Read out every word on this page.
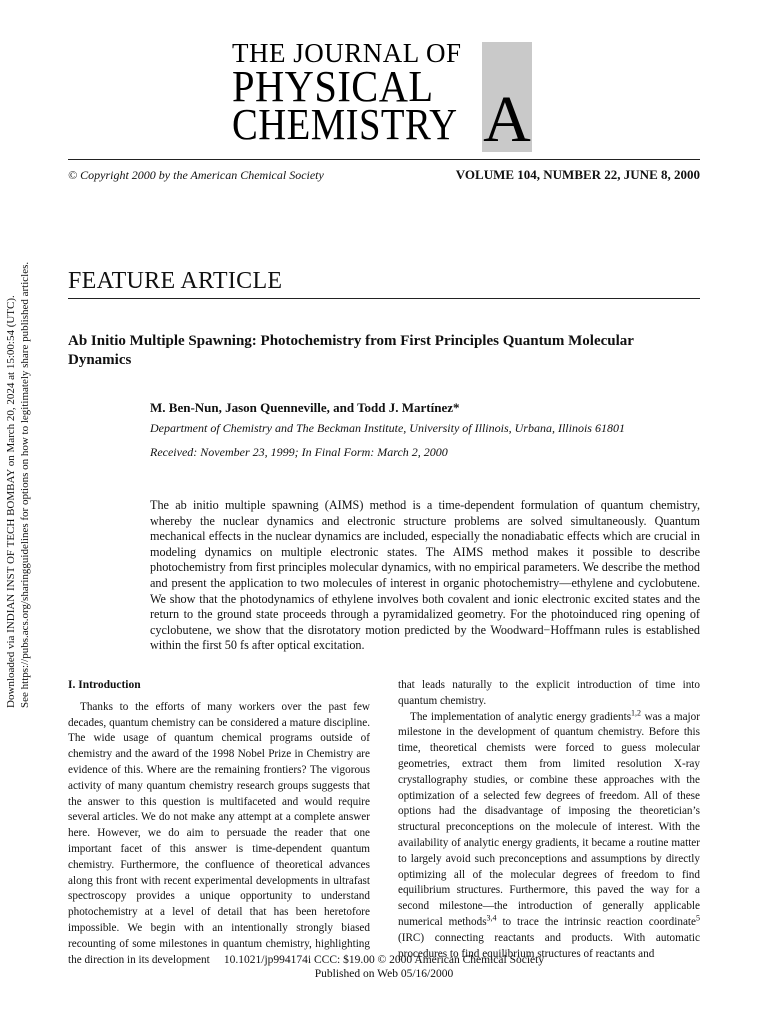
Downloaded via INDIAN INST OF TECH BOMBAY on March 20, 2024 at 15:00:54 (UTC). See https://pubs.acs.org/sharingguidelines for options on how to legitimately share published articles.
THE JOURNAL OF
PHYSICAL
CHEMISTRY A
© Copyright 2000 by the American Chemical Society	VOLUME 104, NUMBER 22, JUNE 8, 2000
FEATURE ARTICLE
Ab Initio Multiple Spawning: Photochemistry from First Principles Quantum Molecular Dynamics
M. Ben-Nun, Jason Quenneville, and Todd J. Martínez*
Department of Chemistry and The Beckman Institute, University of Illinois, Urbana, Illinois 61801
Received: November 23, 1999; In Final Form: March 2, 2000
The ab initio multiple spawning (AIMS) method is a time-dependent formulation of quantum chemistry, whereby the nuclear dynamics and electronic structure problems are solved simultaneously. Quantum mechanical effects in the nuclear dynamics are included, especially the nonadiabatic effects which are crucial in modeling dynamics on multiple electronic states. The AIMS method makes it possible to describe photochemistry from first principles molecular dynamics, with no empirical parameters. We describe the method and present the application to two molecules of interest in organic photochemistry—ethylene and cyclobutene. We show that the photodynamics of ethylene involves both covalent and ionic electronic excited states and the return to the ground state proceeds through a pyramidalized geometry. For the photoinduced ring opening of cyclobutene, we show that the disrotatory motion predicted by the Woodward−Hoffmann rules is established within the first 50 fs after optical excitation.
I. Introduction

Thanks to the efforts of many workers over the past few decades, quantum chemistry can be considered a mature discipline. The wide usage of quantum chemical programs outside of chemistry and the award of the 1998 Nobel Prize in Chemistry are evidence of this. Where are the remaining frontiers? The vigorous activity of many quantum chemistry research groups suggests that the answer to this question is multifaceted and would require several articles. We do not make any attempt at a complete answer here. However, we do aim to persuade the reader that one important facet of this answer is time-dependent quantum chemistry. Furthermore, the confluence of theoretical advances along this front with recent experimental developments in ultrafast spectroscopy provides a unique opportunity to understand photochemistry at a level of detail that has been heretofore impossible. We begin with an intentionally strongly biased recounting of some milestones in quantum chemistry, highlighting the direction in its development

that leads naturally to the explicit introduction of time into quantum chemistry.

The implementation of analytic energy gradients$^{1,2}$ was a major milestone in the development of quantum chemistry. Before this time, theoretical chemists were forced to guess molecular geometries, extract them from limited resolution X-ray crystallography studies, or combine these approaches with the optimization of a selected few degrees of freedom. All of these options had the disadvantage of imposing the theoretician’s structural preconceptions on the molecule of interest. With the availability of analytic energy gradients, it became a routine matter to largely avoid such preconceptions and assumptions by directly optimizing all of the molecular degrees of freedom to find equilibrium structures. Furthermore, this paved the way for a second milestone—the introduction of generally applicable numerical methods$^{3,4}$ to trace the intrinsic reaction coordinate$^5$ (IRC) connecting reactants and products. With automatic procedures to find equilibrium structures of reactants and

10.1021/jp994174i CCC: $19.00 © 2000 American Chemical Society
Published on Web 05/16/2000
